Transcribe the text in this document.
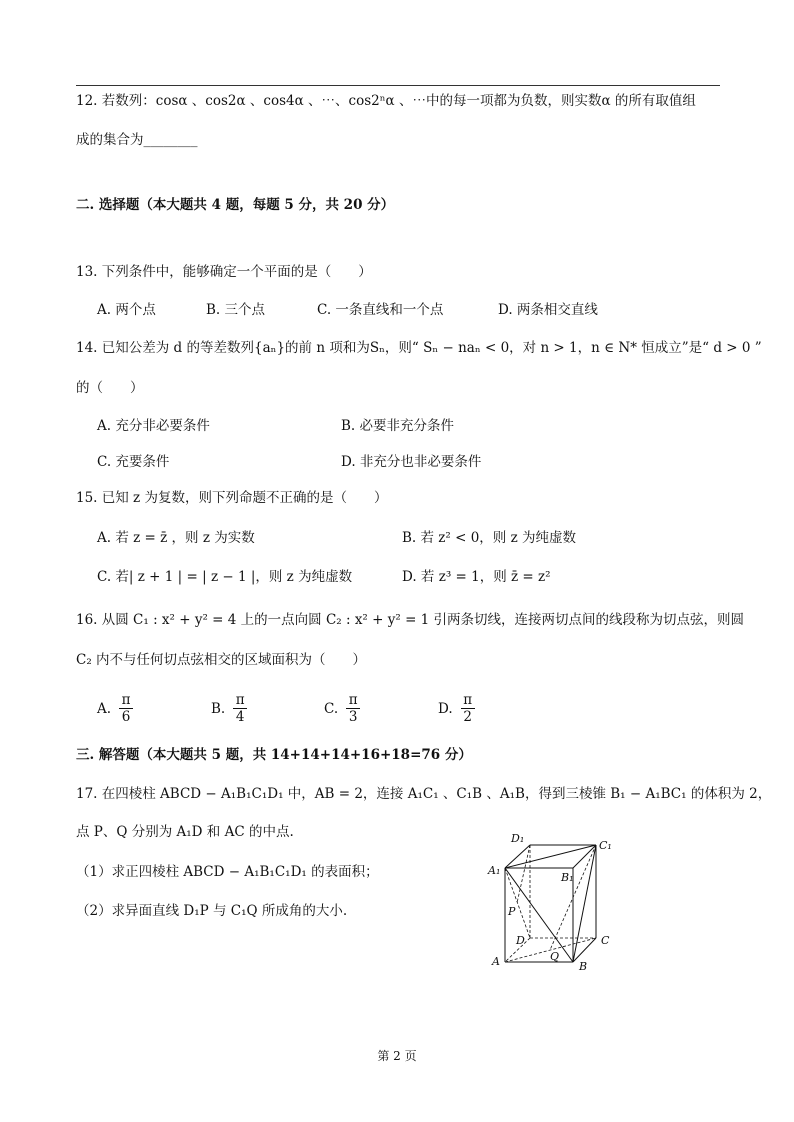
12. 若数列：cosα 、cos2α 、cos4α 、⋯、cos2ⁿα 、⋯中的每一项都为负数，则实数α 的所有取值组
成的集合为________
二. 选择题（本大题共 4 题，每题 5 分，共 20 分）
13. 下列条件中，能够确定一个平面的是（　　）
A. 两个点	B. 三个点	C. 一条直线和一个点	D. 两条相交直线
14. 已知公差为 d 的等差数列{aₙ}的前 n 项和为Sₙ，则“ Sₙ − naₙ < 0，对 n > 1，n ∈ N* 恒成立”是“ d > 0 ”
的（　　）
A. 充分非必要条件	B. 必要非充分条件
C. 充要条件	D. 非充分也非必要条件
15. 已知 z 为复数，则下列命题不正确的是（　　）
A. 若 z = z̄ ，则 z 为实数	B. 若 z² < 0，则 z 为纯虚数
C. 若| z + 1 | = | z − 1 |，则 z 为纯虚数	D. 若 z³ = 1，则 z̄ = z²
16. 从圆 C₁ : x² + y² = 4 上的一点向圆 C₂ : x² + y² = 1 引两条切线，连接两切点间的线段称为切点弦，则圆
C₂ 内不与任何切点弦相交的区域面积为（　　）
A.
π
6
B.
π
4
C.
π
3
D.
π
2
三. 解答题（本大题共 5 题，共 14+14+14+16+18=76 分）
17. 在四棱柱 ABCD − A₁B₁C₁D₁ 中，AB = 2，连接 A₁C₁ 、C₁B 、A₁B，得到三棱锥 B₁ − A₁BC₁ 的体积为 2，
点 P、Q 分别为 A₁D 和 AC 的中点.
（1）求正四棱柱 ABCD − A₁B₁C₁D₁ 的表面积；
（2）求异面直线 D₁P 与 C₁Q 所成角的大小.
D₁
C₁
A₁
B₁
P
D	C
A	Q
B
第 2 页
